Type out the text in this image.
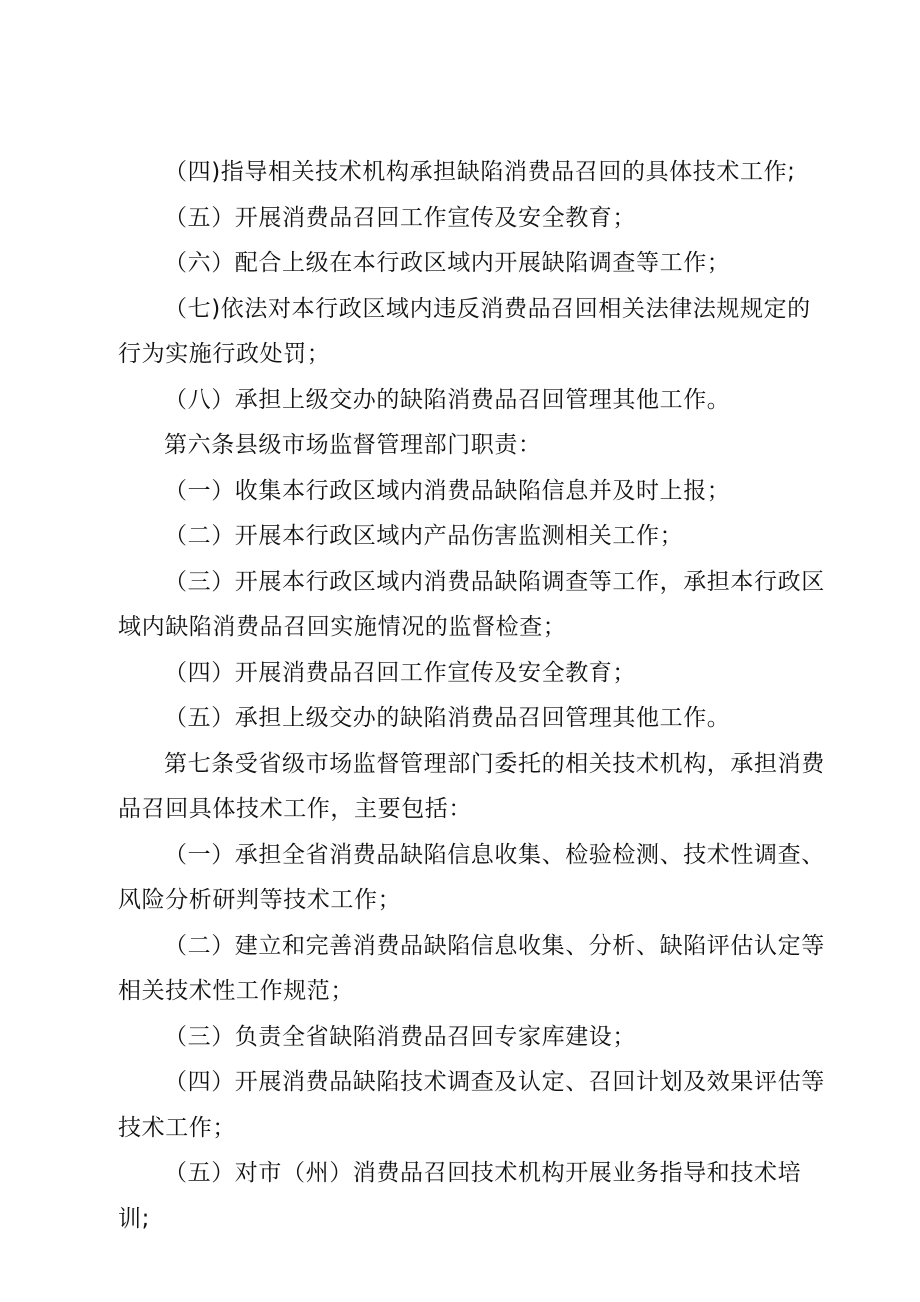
（四)指导相关技术机构承担缺陷消费品召回的具体技术工作;

（五）开展消费品召回工作宣传及安全教育；

（六）配合上级在本行政区域内开展缺陷调查等工作；

（七)依法对本行政区域内违反消费品召回相关法律法规规定的行为实施行政处罚；

（八）承担上级交办的缺陷消费品召回管理其他工作。

第六条县级市场监督管理部门职责：

（一）收集本行政区域内消费品缺陷信息并及时上报；

（二）开展本行政区域内产品伤害监测相关工作；

（三）开展本行政区域内消费品缺陷调查等工作，承担本行政区域内缺陷消费品召回实施情况的监督检查；

（四）开展消费品召回工作宣传及安全教育；

（五）承担上级交办的缺陷消费品召回管理其他工作。

第七条受省级市场监督管理部门委托的相关技术机构，承担消费品召回具体技术工作，主要包括：

（一）承担全省消费品缺陷信息收集、检验检测、技术性调查、风险分析研判等技术工作；

（二）建立和完善消费品缺陷信息收集、分析、缺陷评估认定等相关技术性工作规范；

（三）负责全省缺陷消费品召回专家库建设；

（四）开展消费品缺陷技术调查及认定、召回计划及效果评估等技术工作；

（五）对市（州）消费品召回技术机构开展业务指导和技术培训;
